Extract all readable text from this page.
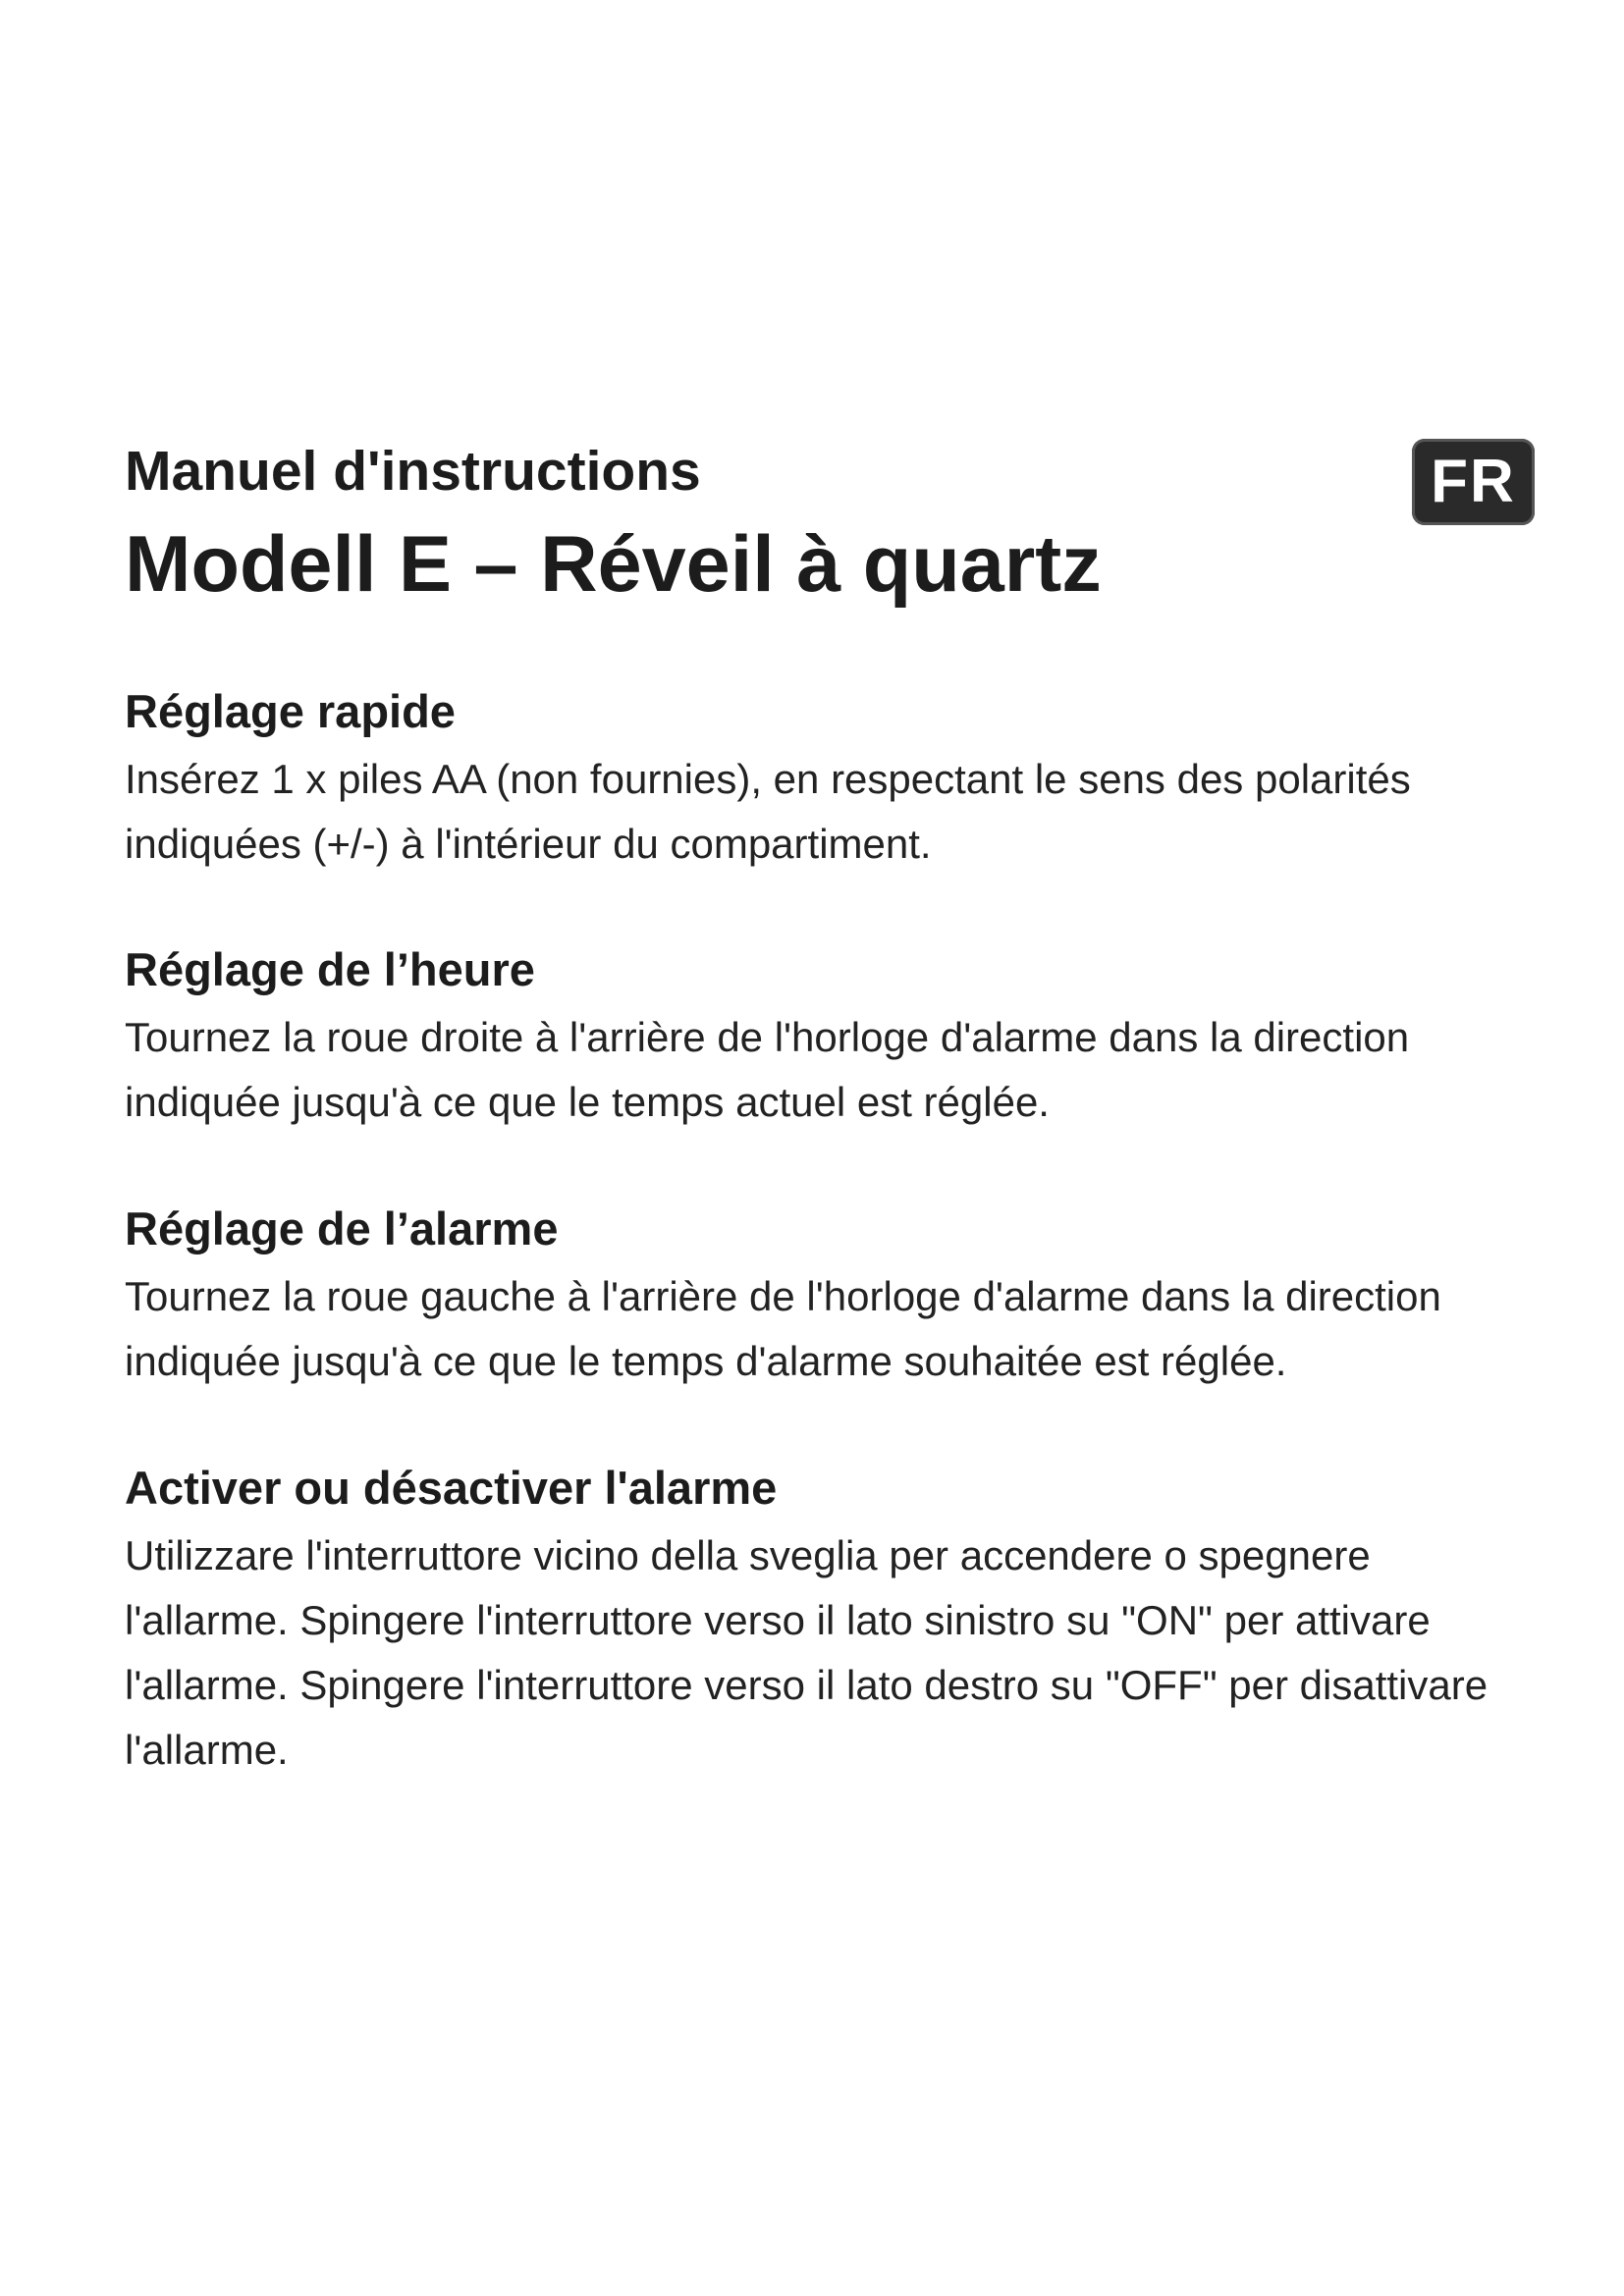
Manuel d'instructions
Modell E – Réveil à quartz
FR
Réglage rapide

Insérez 1 x piles AA (non fournies), en respectant le sens des polarités indiquées (+/-) à l'intérieur du compartiment.

Réglage de l’heure

Tournez la roue droite à l'arrière de l'horloge d'alarme dans la direction indiquée jusqu'à ce que le temps actuel est réglée.

Réglage de l’alarme

Tournez la roue gauche à l'arrière de l'horloge d'alarme dans la direction indiquée jusqu'à ce que le temps d'alarme souhaitée est réglée.

Activer ou désactiver l'alarme

Utilizzare l'interruttore vicino della sveglia per accendere o spegnere l'allarme. Spingere l'interruttore verso il lato sinistro su "ON" per attivare l'allarme. Spingere l'interruttore verso il lato destro su "OFF" per disattivare l'allarme.
